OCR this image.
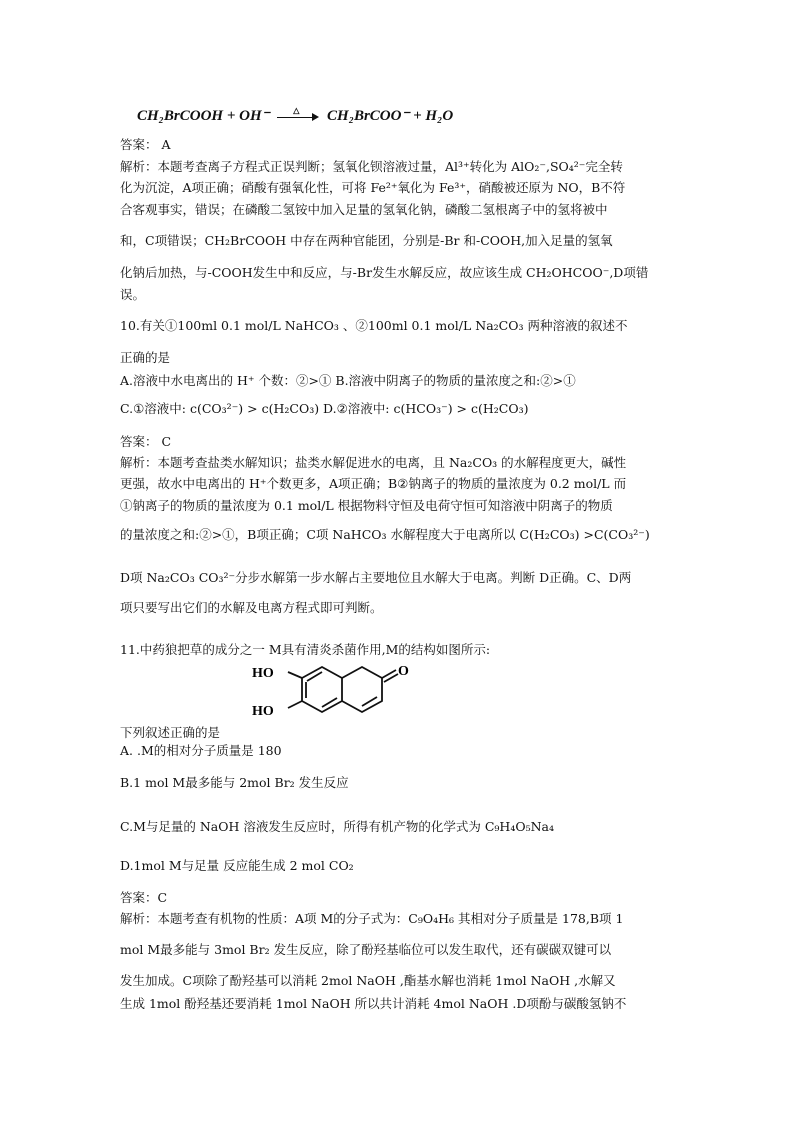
CH₂BrCOOH + OH⁻	△ CH₂BrCOO⁻ + H₂O
答案： A
解析：本题考查离子方程式正误判断；氢氧化钡溶液过量，Al³⁺转化为 AlO₂⁻,SO₄²⁻完全转
化为沉淀，A项正确；硝酸有强氧化性，可将 Fe²⁺氧化为 Fe³⁺，硝酸被还原为 NO，B不符
合客观事实，错误；在磷酸二氢铵中加入足量的氢氧化钠，磷酸二氢根离子中的氢将被中
和，C项错误；CH₂BrCOOH 中存在两种官能团，分别是-Br 和-COOH,加入足量的氢氧
化钠后加热，与-COOH发生中和反应，与-Br发生水解反应，故应该生成 CH₂OHCOO⁻,D项错
误。
10.有关①100ml 0.1 mol/L NaHCO₃ 、②100ml 0.1 mol/L Na₂CO₃ 两种溶液的叙述不
正确的是
A.溶液中水电离出的 H⁺ 个数：②>① B.溶液中阴离子的物质的量浓度之和:②>①
C.①溶液中: c(CO₃²⁻) > c(H₂CO₃) D.②溶液中: c(HCO₃⁻) > c(H₂CO₃)
答案： C
解析：本题考查盐类水解知识；盐类水解促进水的电离，且 Na₂CO₃ 的水解程度更大，碱性
更强，故水中电离出的 H⁺个数更多，A项正确；B②钠离子的物质的量浓度为 0.2 mol/L 而
①钠离子的物质的量浓度为 0.1 mol/L 根据物料守恒及电荷守恒可知溶液中阴离子的物质
的量浓度之和:②>①，B项正确；C项 NaHCO₃ 水解程度大于电离所以 C(H₂CO₃) >C(CO₃²⁻)
D项 Na₂CO₃ CO₃²⁻分步水解第一步水解占主要地位且水解大于电离。判断 D正确。C、D两
项只要写出它们的水解及电离方程式即可判断。
11.中药狼把草的成分之一 M具有清炎杀菌作用,M的结构如图所示:
下列叙述正确的是
A. .M的相对分子质量是 180
B.1 mol M最多能与 2mol Br₂ 发生反应
C.M与足量的 NaOH 溶液发生反应时，所得有机产物的化学式为 C₉H₄O₅Na₄
D.1mol M与足量 反应能生成 2 mol CO₂
答案：C
解析：本题考查有机物的性质：A项 M的分子式为：C₉O₄H₆ 其相对分子质量是 178,B项 1
mol M最多能与 3mol Br₂ 发生反应，除了酚羟基临位可以发生取代，还有碳碳双键可以
发生加成。C项除了酚羟基可以消耗 2mol NaOH ,酯基水解也消耗 1mol NaOH ,水解又
生成 1mol 酚羟基还要消耗 1mol NaOH 所以共计消耗 4mol NaOH .D项酚与碳酸氢钠不
HO
HO
O
